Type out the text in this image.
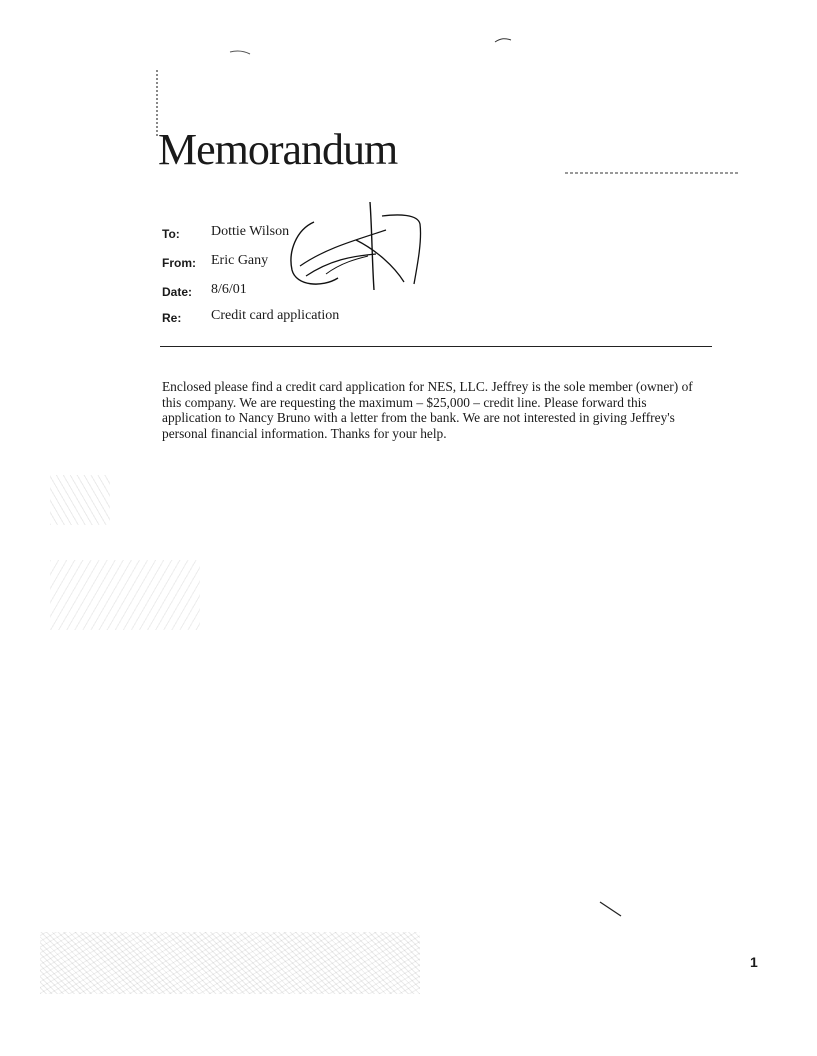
Memorandum
To: Dottie Wilson
From: Eric Gany
Date: 8/6/01
Re: Credit card application

Enclosed please find a credit card application for NES, LLC. Jeffrey is the sole member (owner) of this company. We are requesting the maximum – $25,000 – credit line. Please forward this application to Nancy Bruno with a letter from the bank. We are not interested in giving Jeffrey's personal financial information. Thanks for your help.

1
